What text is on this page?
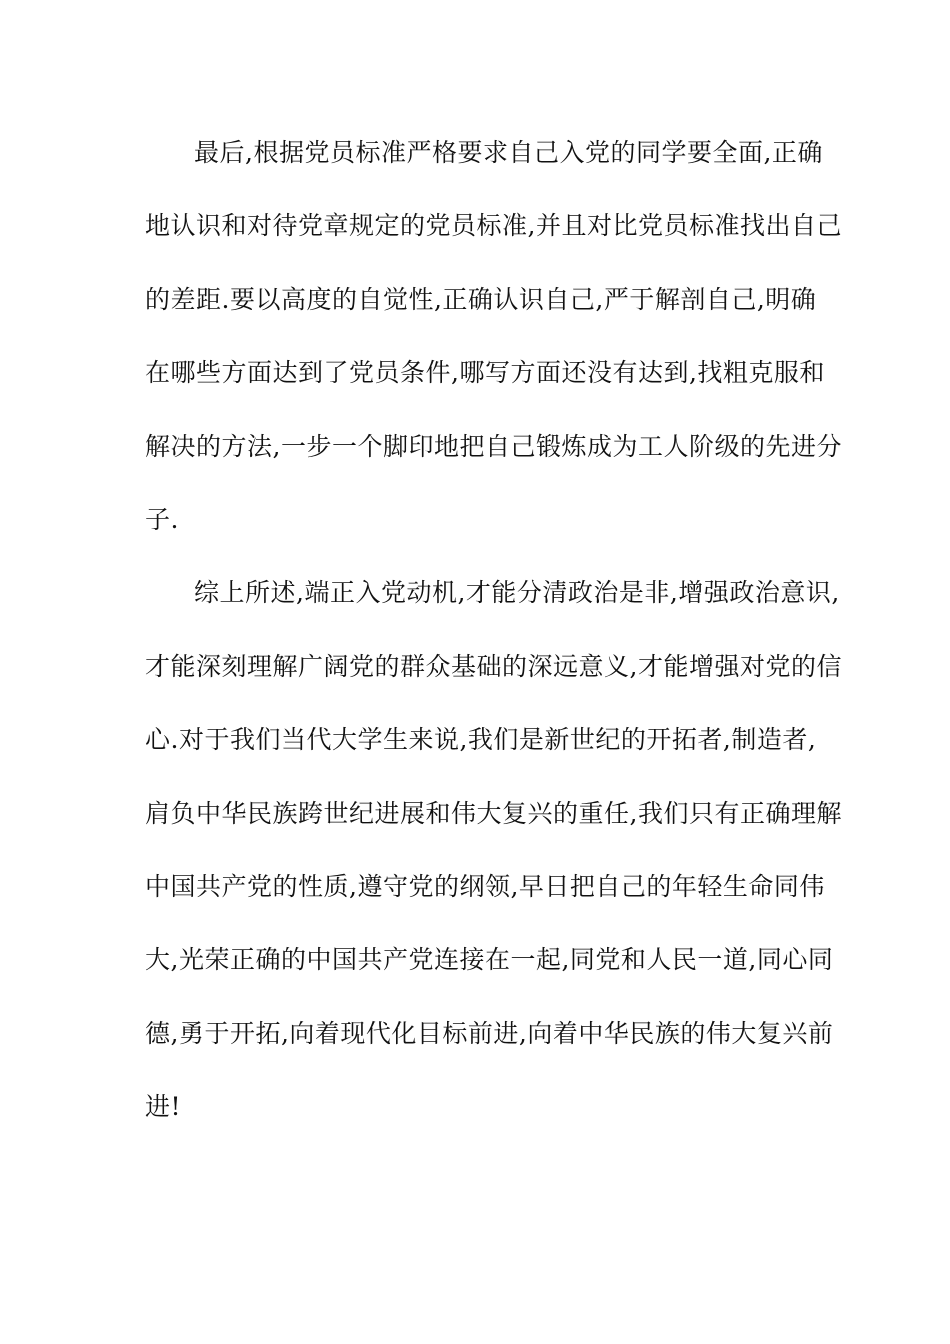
最后,根据党员标准严格要求自己入党的同学要全面,正确
地认识和对待党章规定的党员标准,并且对比党员标准找出自己
的差距.要以高度的自觉性,正确认识自己,严于解剖自己,明确
在哪些方面达到了党员条件,哪写方面还没有达到,找粗克服和
解决的方法,一步一个脚印地把自己锻炼成为工人阶级的先进分
子.
综上所述,端正入党动机,才能分清政治是非,增强政治意识,
才能深刻理解广阔党的群众基础的深远意义,才能增强对党的信
心.对于我们当代大学生来说,我们是新世纪的开拓者,制造者,
肩负中华民族跨世纪进展和伟大复兴的重任,我们只有正确理解
中国共产党的性质,遵守党的纲领,早日把自己的年轻生命同伟
大,光荣正确的中国共产党连接在一起,同党和人民一道,同心同
德,勇于开拓,向着现代化目标前进,向着中华民族的伟大复兴前
进!
